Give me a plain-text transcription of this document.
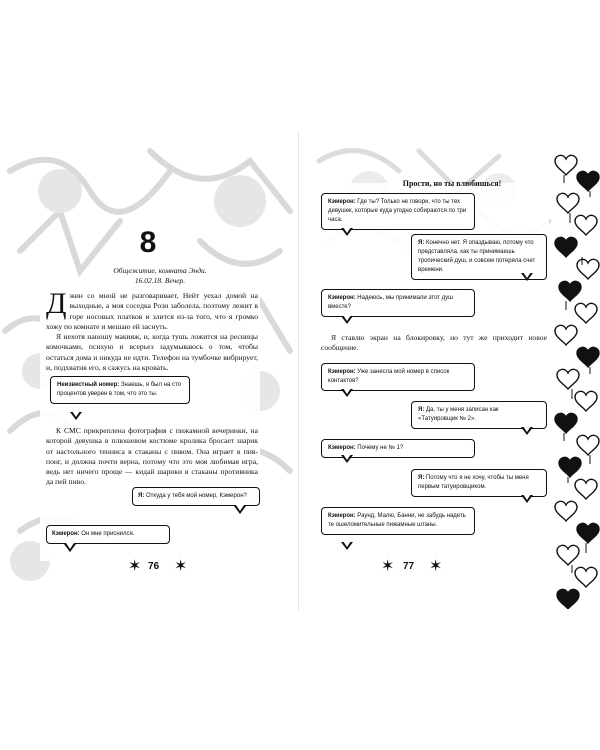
8
Общежитие, комната Энди.
16.02.18. Вечер.

Д жин со мной не разговаривает, Нейт уехал домой на выходные, а моя соседка Рози заболела, поэтому лежит в горе носовых платков и злится из-за того, что я громко хожу по комнате и мешаю ей заснуть.

Я нехотя наношу макияж, и, когда тушь ложится на ресницы комочками, психую и всерьез задумываюсь о том, чтобы остаться дома и никуда не идти. Телефон на тумбочке вибрирует, и, подхватив его, я сажусь на кровать.

Неизвестный номер: Знаешь, я был на сто процентов уверен в том, что это ты.

К СМС прикреплена фотография с пижамной вечеринки, на которой девушка в плюшевом костюме кролика бросает шарик от настольного тенниса в стаканы с пивом. Она играет в пив-понг, и должна почти верна, потому что это моя любимая игра, ведь нет ничего проще — кидай шарики в стаканы противника да пей пиво.

Я: Откуда у тебя мой номер, Кэмерон?
Кэмерон: Он мне приснился.
✶ 76 ✶
Прости, но ты влюбишься!
Кэмерон: Где ты? Только не говори, что ты тех девушек, которые куда угодно собираются по три часа.
Я: Конечно нет. Я опаздываю, потому что представляла, как ты принимаешь тропический душ, и совсем потеряла счет времени.
Кэмерон: Надеюсь, мы принимали этот душ вместе?

Я ставлю экран на блокировку, но тут же приходит новое сообщение.

Кэмерон: Уже занесла мой номер в список контактов?
Я: Да, ты у меня записан как «Татуировщик № 2».
Кэмерон: Почему не № 1?
Я: Потому что я не хочу, чтобы ты меня первым татуировщиком.
Кэмерон: Раунд, Малю, Банни, не забудь надеть те ошеломительные пижамные штаны.
✶ 77 ✶
